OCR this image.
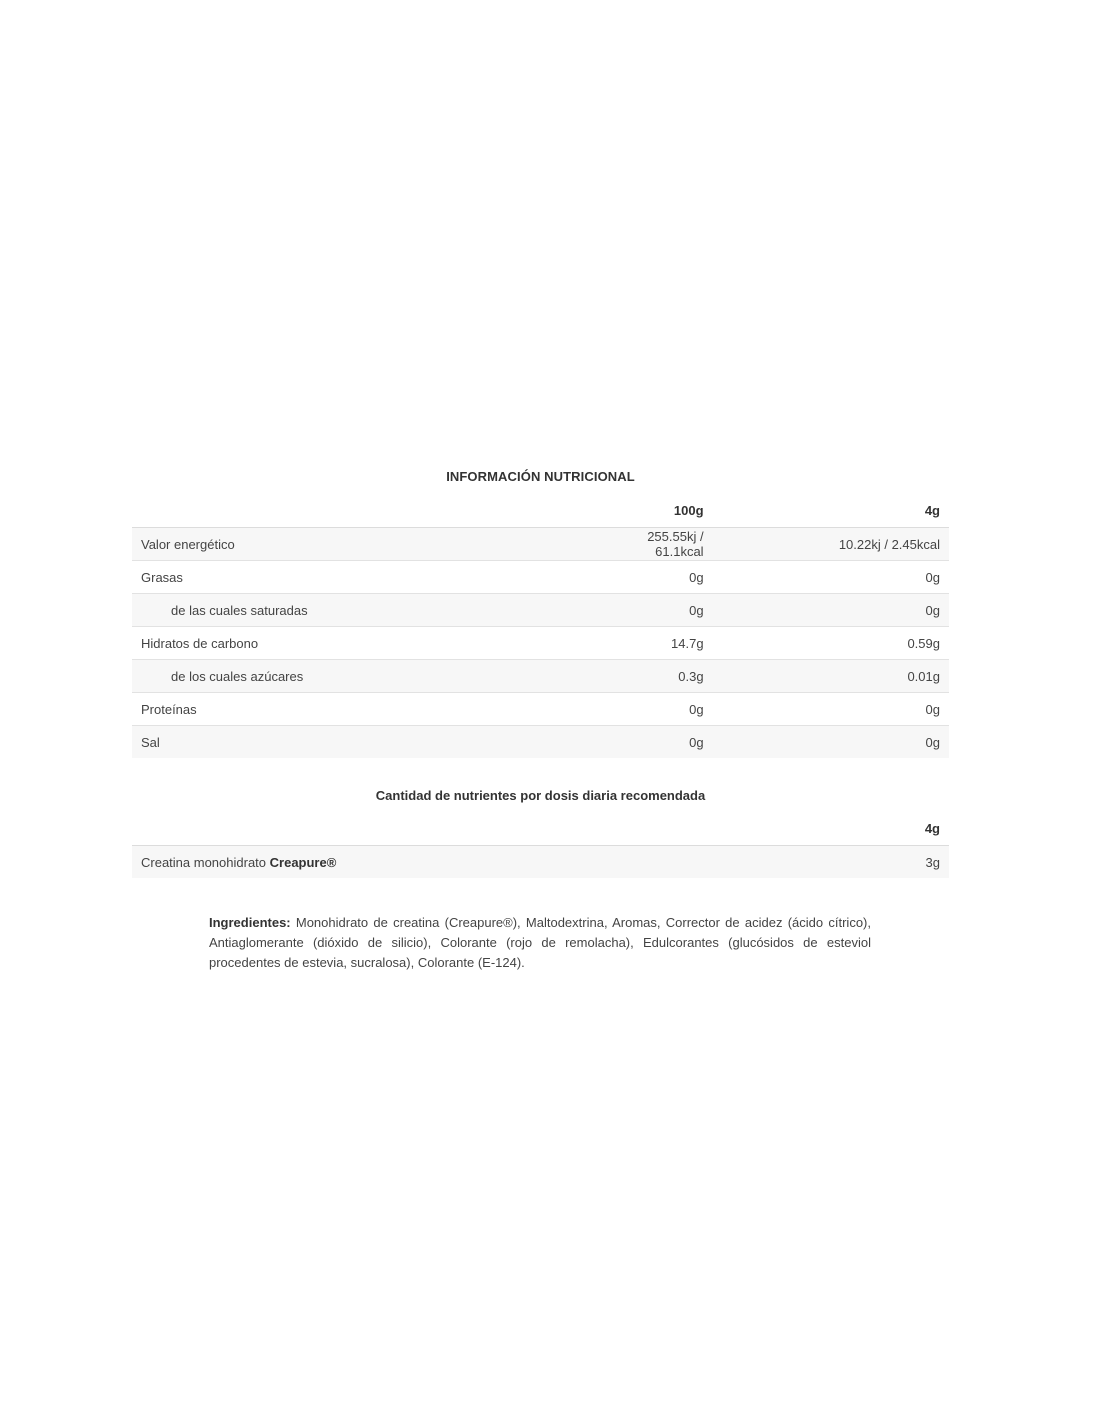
INFORMACIÓN NUTRICIONAL
	100g	4g
Valor energético	255.55kj / 61.1kcal	10.22kj / 2.45kcal
Grasas	0g	0g
de las cuales saturadas	0g	0g
Hidratos de carbono	14.7g	0.59g
de los cuales azúcares	0.3g	0.01g
Proteínas	0g	0g
Sal	0g	0g
Cantidad de nutrientes por dosis diaria recomendada
	4g
Creatina monohidrato Creapure®	3g
Ingredientes: Monohidrato de creatina (Creapure®), Maltodextrina, Aromas, Corrector de acidez (ácido cítrico), Antiaglomerante (dióxido de silicio), Colorante (rojo de remolacha), Edulcorantes (glucósidos de esteviol procedentes de estevia, sucralosa), Colorante (E-124).
